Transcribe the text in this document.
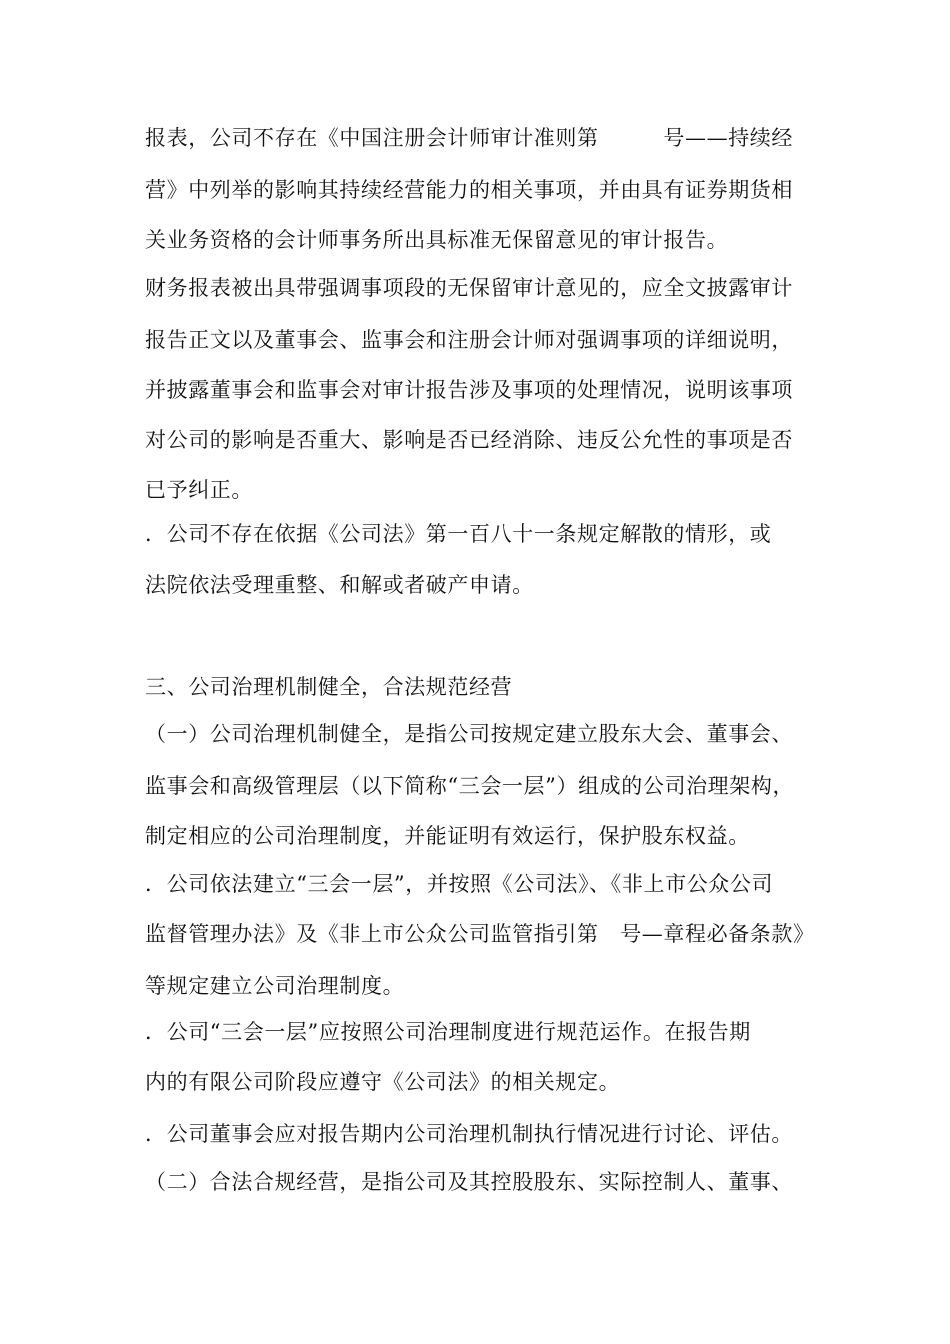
报表，公司不存在《中国注册会计师审计准则第　　　号——持续经
营》中列举的影响其持续经营能力的相关事项，并由具有证券期货相
关业务资格的会计师事务所出具标准无保留意见的审计报告。
财务报表被出具带强调事项段的无保留审计意见的，应全文披露审计
报告正文以及董事会、监事会和注册会计师对强调事项的详细说明，
并披露董事会和监事会对审计报告涉及事项的处理情况，说明该事项
对公司的影响是否重大、影响是否已经消除、违反公允性的事项是否
已予纠正。
．公司不存在依据《公司法》第一百八十一条规定解散的情形，或
法院依法受理重整、和解或者破产申请。
三、公司治理机制健全，合法规范经营
（一）公司治理机制健全，是指公司按规定建立股东大会、董事会、
监事会和高级管理层（以下简称“三会一层”）组成的公司治理架构，
制定相应的公司治理制度，并能证明有效运行，保护股东权益。
．公司依法建立“三会一层”，并按照《公司法》、《非上市公众公司
监督管理办法》及《非上市公众公司监管指引第　号—章程必备条款》
等规定建立公司治理制度。
．公司“三会一层”应按照公司治理制度进行规范运作。在报告期
内的有限公司阶段应遵守《公司法》的相关规定。
．公司董事会应对报告期内公司治理机制执行情况进行讨论、评估。
（二）合法合规经营，是指公司及其控股股东、实际控制人、董事、
